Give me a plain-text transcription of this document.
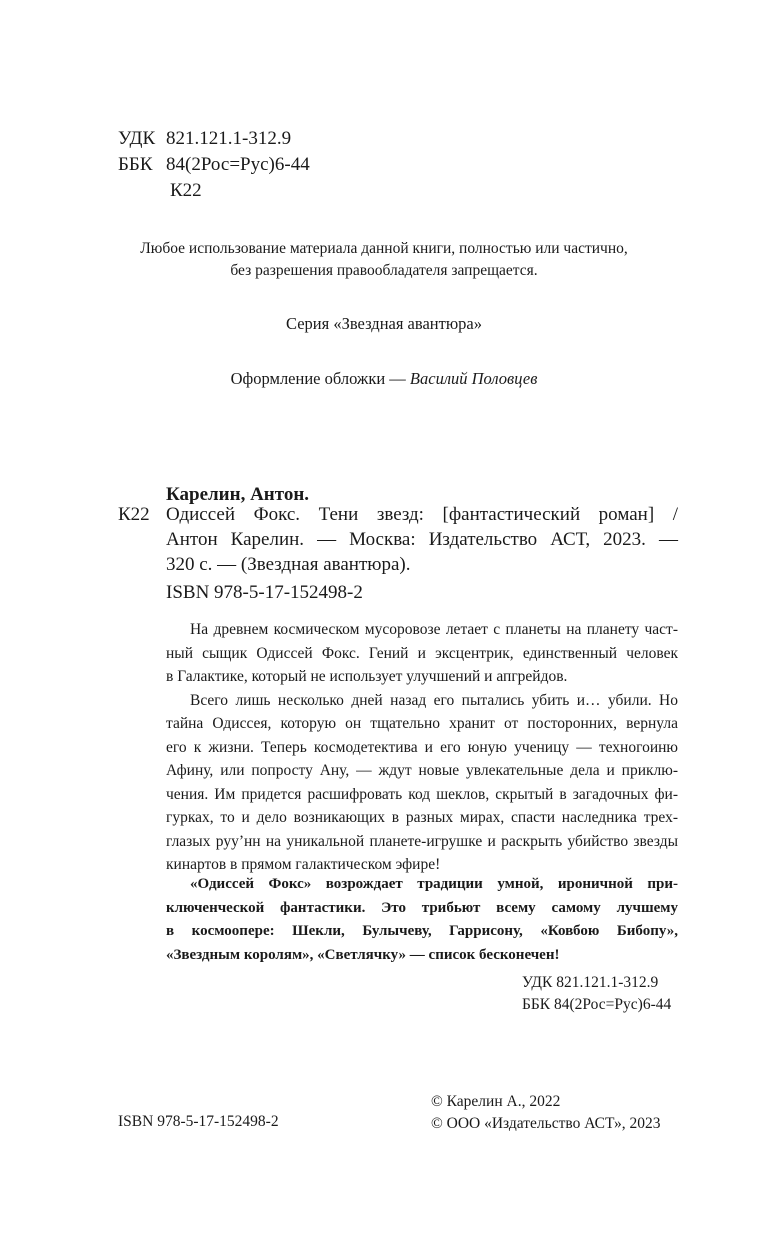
УДК 821.121.1-312.9
ББК 84(2Рос=Рус)6-44
К22
Любое использование материала данной книги, полностью или частично,
без разрешения правообладателя запрещается.
Серия «Звездная авантюра»
Оформление обложки — Василий Половцев
Карелин, Антон.
К22 Одиссей Фокс. Тени звезд: [фантастический роман] /
Антон Карелин. — Москва: Издательство АСТ, 2023. —
320 с. — (Звездная авантюра).
ISBN 978-5-17-152498-2
На древнем космическом мусоровозе летает с планеты на планету част-
ный сыщик Одиссей Фокс. Гений и эксцентрик, единственный человек
в Галактике, который не использует улучшений и апгрейдов.
Всего лишь несколько дней назад его пытались убить и… убили. Но
тайна Одиссея, которую он тщательно хранит от посторонних, вернула
его к жизни. Теперь космодетектива и его юную ученицу — техногоиню
Афину, или попросту Ану, — ждут новые увлекательные дела и приклю-
чения. Им придется расшифровать код шеклов, скрытый в загадочных фи-
гурках, то и дело возникающих в разных мирах, спасти наследника трех-
глазых руу’нн на уникальной планете-игрушке и раскрыть убийство звезды
кинартов в прямом галактическом эфире!
«Одиссей Фокс» возрождает традиции умной, ироничной при-
ключенческой фантастики. Это трибьют всему самому лучшему
в космоопере: Шекли, Булычеву, Гаррисону, «Ковбою Бибопу»,
«Звездным королям», «Светлячку» — список бесконечен!
УДК 821.121.1-312.9
ББК 84(2Рос=Рус)6-44
ISBN 978-5-17-152498-2
© Карелин А., 2022
© ООО «Издательство АСТ», 2023
